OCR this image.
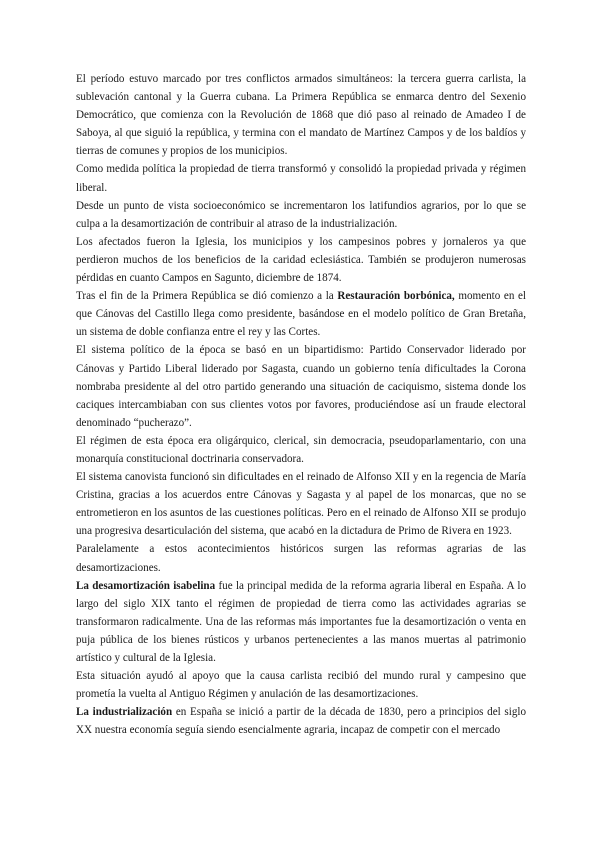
El período estuvo marcado por tres conflictos armados simultáneos: la tercera guerra carlista, la sublevación cantonal y la Guerra cubana. La Primera República se enmarca dentro del Sexenio Democrático, que comienza con la Revolución de 1868 que dió paso al reinado de Amadeo I de Saboya, al que siguió la república, y termina con el mandato de Martínez Campos y de los baldíos y tierras de comunes y propios de los municipios.

Como medida política la propiedad de tierra transformó y consolidó la propiedad privada y régimen liberal.

Desde un punto de vista socioeconómico se incrementaron los latifundios agrarios, por lo que se culpa a la desamortización de contribuir al atraso de la industrialización.

Los afectados fueron la Iglesia, los municipios y los campesinos pobres y jornaleros ya que perdieron muchos de los beneficios de la caridad eclesiástica. También se produjeron numerosas pérdidas en cuanto Campos en Sagunto, diciembre de 1874.

Tras el fin de la Primera República se dió comienzo a la Restauración borbónica, momento en el que Cánovas del Castillo llega como presidente, basándose en el modelo político de Gran Bretaña, un sistema de doble confianza entre el rey y las Cortes.

El sistema político de la época se basó en un bipartidismo: Partido Conservador liderado por Cánovas y Partido Liberal liderado por Sagasta, cuando un gobierno tenía dificultades la Corona nombraba presidente al del otro partido generando una situación de caciquismo, sistema donde los caciques intercambiaban con sus clientes votos por favores, produciéndose así un fraude electoral denominado “pucherazo”.

El régimen de esta época era oligárquico, clerical, sin democracia, pseudoparlamentario, con una monarquía constitucional doctrinaria conservadora.

El sistema canovista funcionó sin dificultades en el reinado de Alfonso XII y en la regencia de María Cristina, gracias a los acuerdos entre Cánovas y Sagasta y al papel de los monarcas, que no se entrometieron en los asuntos de las cuestiones políticas. Pero en el reinado de Alfonso XII se produjo una progresiva desarticulación del sistema, que acabó en la dictadura de Primo de Rivera en 1923.

Paralelamente a estos acontecimientos históricos surgen las reformas agrarias de las desamortizaciones.

La desamortización isabelina fue la principal medida de la reforma agraria liberal en España. A lo largo del siglo XIX tanto el régimen de propiedad de tierra como las actividades agrarias se transformaron radicalmente. Una de las reformas más importantes fue la desamortización o venta en puja pública de los bienes rústicos y urbanos pertenecientes a las manos muertas al patrimonio artístico y cultural de la Iglesia.

Esta situación ayudó al apoyo que la causa carlista recibió del mundo rural y campesino que prometía la vuelta al Antiguo Régimen y anulación de las desamortizaciones.

La industrialización en España se inició a partir de la década de 1830, pero a principios del siglo XX nuestra economía seguía siendo esencialmente agraria, incapaz de competir con el mercado
